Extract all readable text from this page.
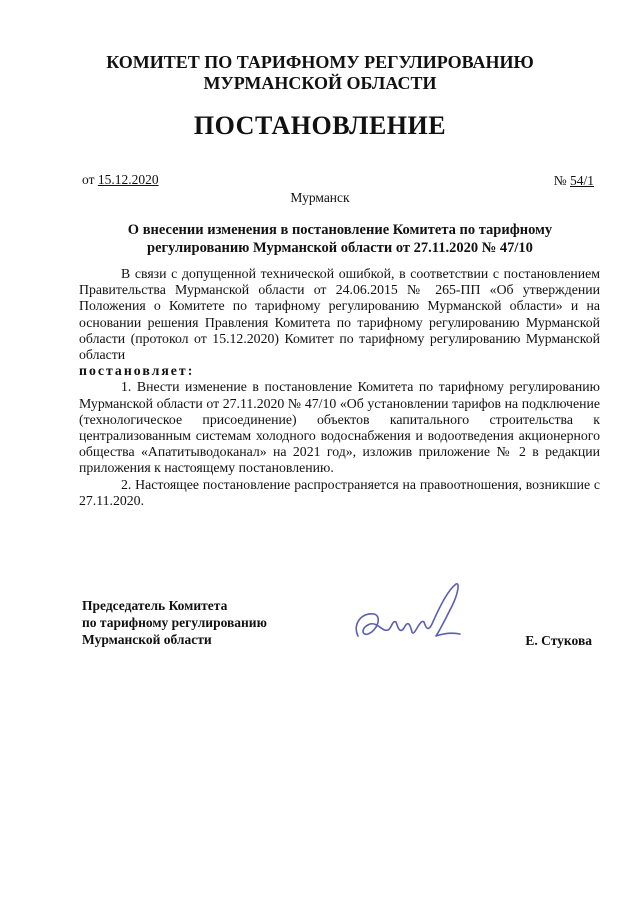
КОМИТЕТ ПО ТАРИФНОМУ РЕГУЛИРОВАНИЮ
МУРМАНСКОЙ ОБЛАСТИ
ПОСТАНОВЛЕНИЕ
от 15.12.2020	№ 54/1
Мурманск
О внесении изменения в постановление Комитета по тарифному
регулированию Мурманской области от 27.11.2020 № 47/10

В связи с допущенной технической ошибкой, в соответствии с постановлением Правительства Мурманской области от 24.06.2015 № 265-ПП «Об утверждении Положения о Комитете по тарифному регулированию Мурманской области» и на основании решения Правления Комитета по тарифному регулированию Мурманской области (протокол от 15.12.2020) Комитет по тарифному регулированию Мурманской области

постановляет:

1. Внести изменение в постановление Комитета по тарифному регулированию Мурманской области от 27.11.2020 № 47/10 «Об установлении тарифов на подключение (технологическое присоединение) объектов капитального строительства к централизованным системам холодного водоснабжения и водоотведения акционерного общества «Апатитыводоканал» на 2021 год», изложив приложение № 2 в редакции приложения к настоящему постановлению.

2. Настоящее постановление распространяется на правоотношения, возникшие с 27.11.2020.

Председатель Комитета
по тарифному регулированию
Мурманской области	Е. Стукова
